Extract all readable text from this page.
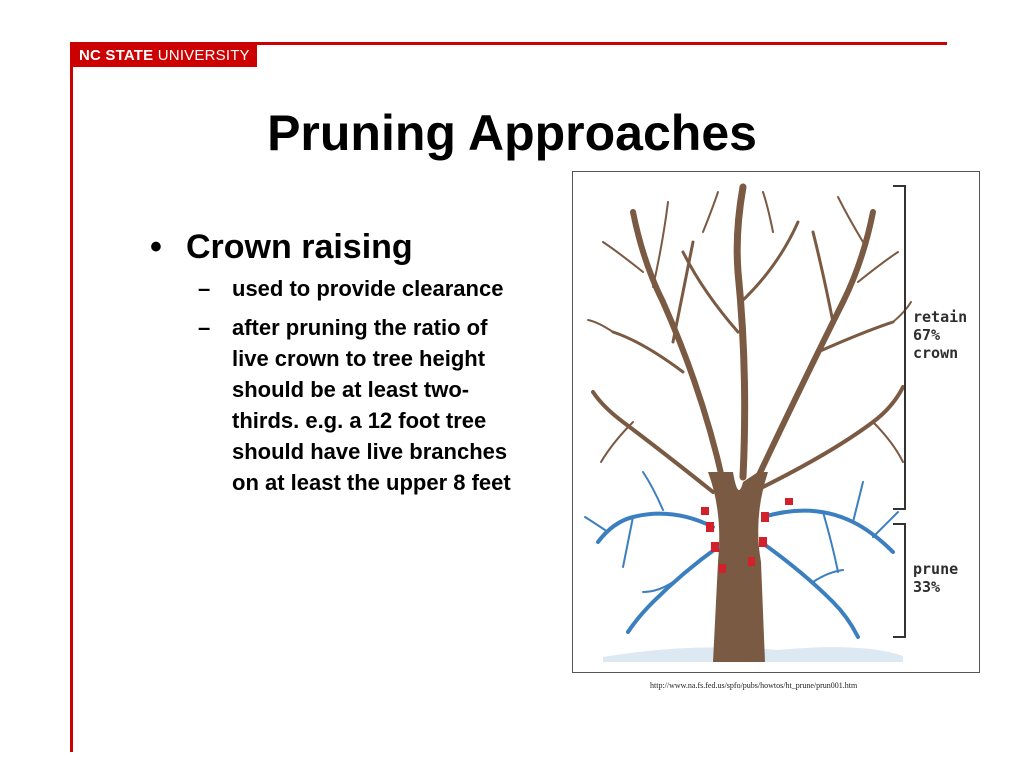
NC STATE UNIVERSITY
Pruning Approaches
• Crown raising
– used to provide clearance
– after pruning the ratio of live crown to tree height should be at least two-thirds. e.g. a 12 foot tree should have live branches on at least the upper 8 feet
retain
67%
crown
prune
33%
http://www.na.fs.fed.us/spfo/pubs/howtos/ht_prune/prun001.htm
